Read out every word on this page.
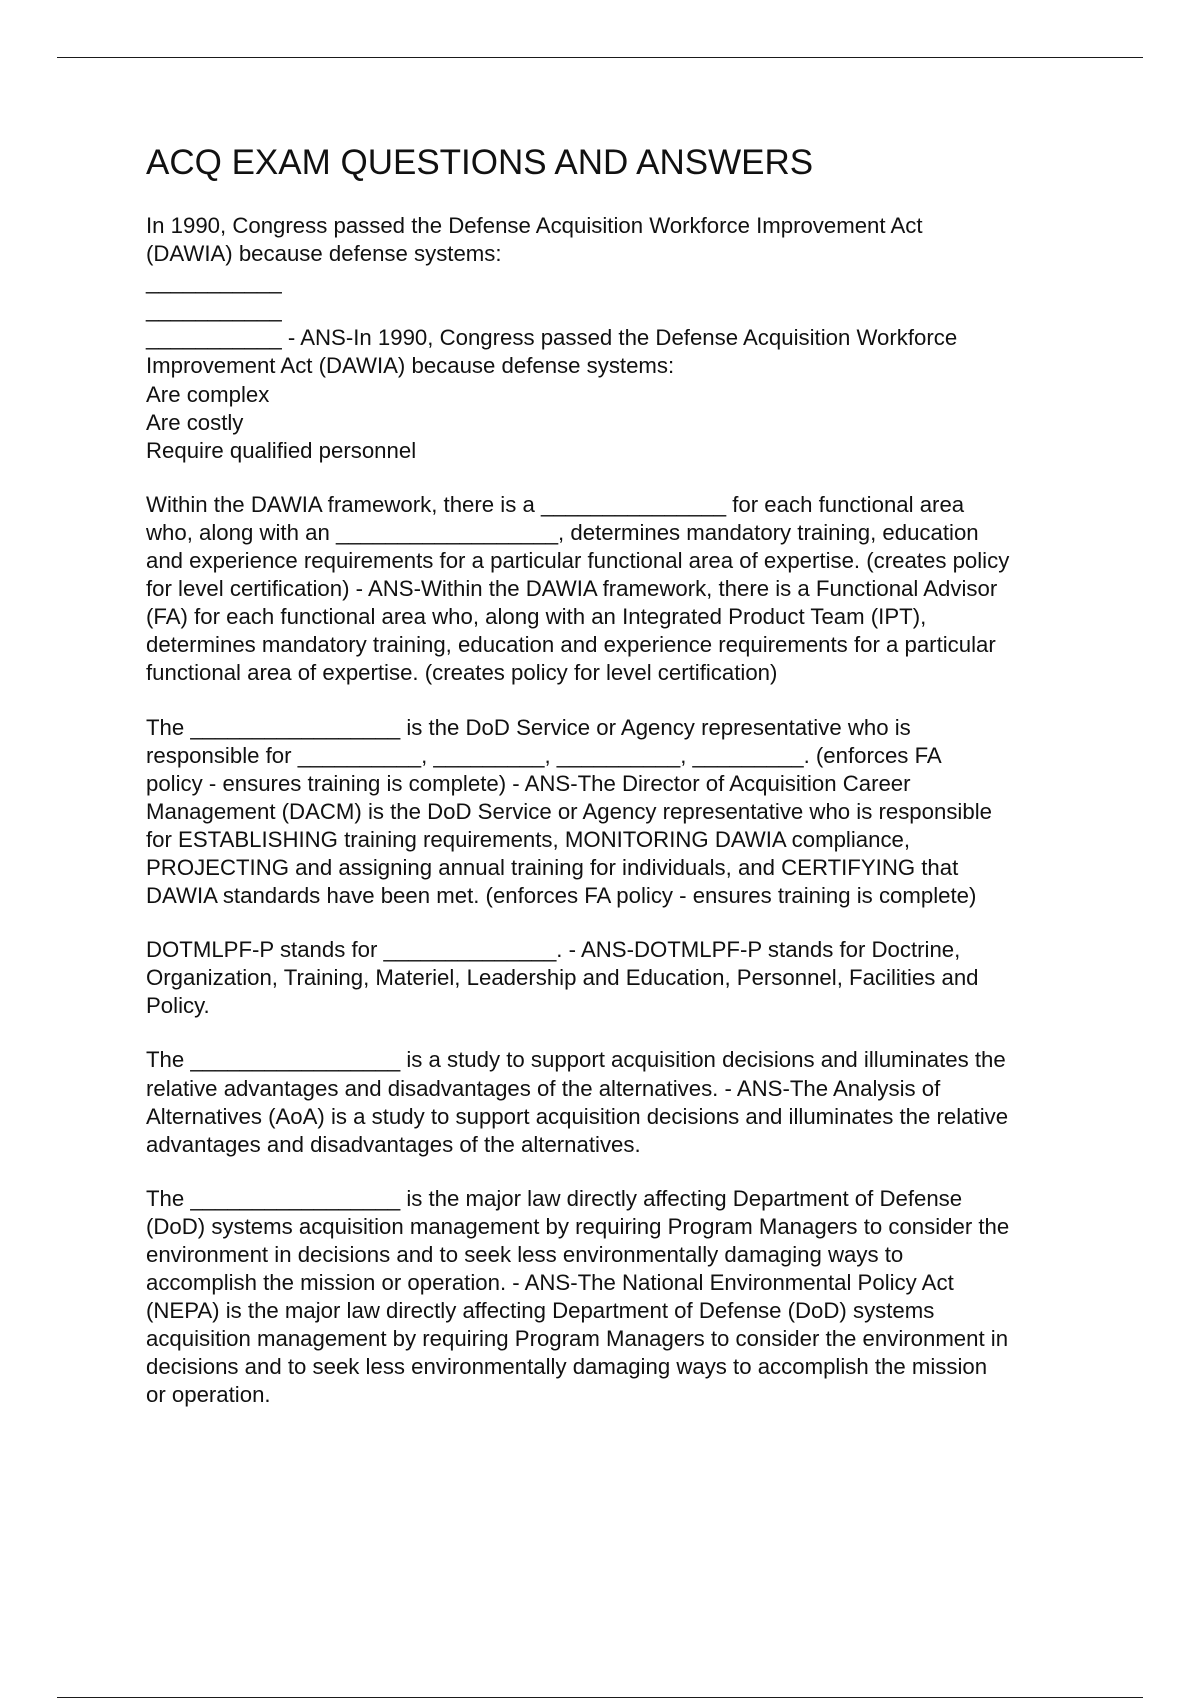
ACQ EXAM QUESTIONS AND ANSWERS

In 1990, Congress passed the Defense Acquisition Workforce Improvement Act
(DAWIA) because defense systems:
___________
___________
___________ - ANS-In 1990, Congress passed the Defense Acquisition Workforce
Improvement Act (DAWIA) because defense systems:
Are complex
Are costly
Require qualified personnel

Within the DAWIA framework, there is a _______________ for each functional area
who, along with an __________________, determines mandatory training, education
and experience requirements for a particular functional area of expertise. (creates policy
for level certification) - ANS-Within the DAWIA framework, there is a Functional Advisor
(FA) for each functional area who, along with an Integrated Product Team (IPT),
determines mandatory training, education and experience requirements for a particular
functional area of expertise. (creates policy for level certification)

The _________________ is the DoD Service or Agency representative who is
responsible for __________, _________, __________, _________. (enforces FA
policy - ensures training is complete) - ANS-The Director of Acquisition Career
Management (DACM) is the DoD Service or Agency representative who is responsible
for ESTABLISHING training requirements, MONITORING DAWIA compliance,
PROJECTING and assigning annual training for individuals, and CERTIFYING that
DAWIA standards have been met. (enforces FA policy - ensures training is complete)

DOTMLPF-P stands for ______________. - ANS-DOTMLPF-P stands for Doctrine,
Organization, Training, Materiel, Leadership and Education, Personnel, Facilities and
Policy.

The _________________ is a study to support acquisition decisions and illuminates the
relative advantages and disadvantages of the alternatives. - ANS-The Analysis of
Alternatives (AoA) is a study to support acquisition decisions and illuminates the relative
advantages and disadvantages of the alternatives.

The _________________ is the major law directly affecting Department of Defense
(DoD) systems acquisition management by requiring Program Managers to consider the
environment in decisions and to seek less environmentally damaging ways to
accomplish the mission or operation. - ANS-The National Environmental Policy Act
(NEPA) is the major law directly affecting Department of Defense (DoD) systems
acquisition management by requiring Program Managers to consider the environment in
decisions and to seek less environmentally damaging ways to accomplish the mission
or operation.
